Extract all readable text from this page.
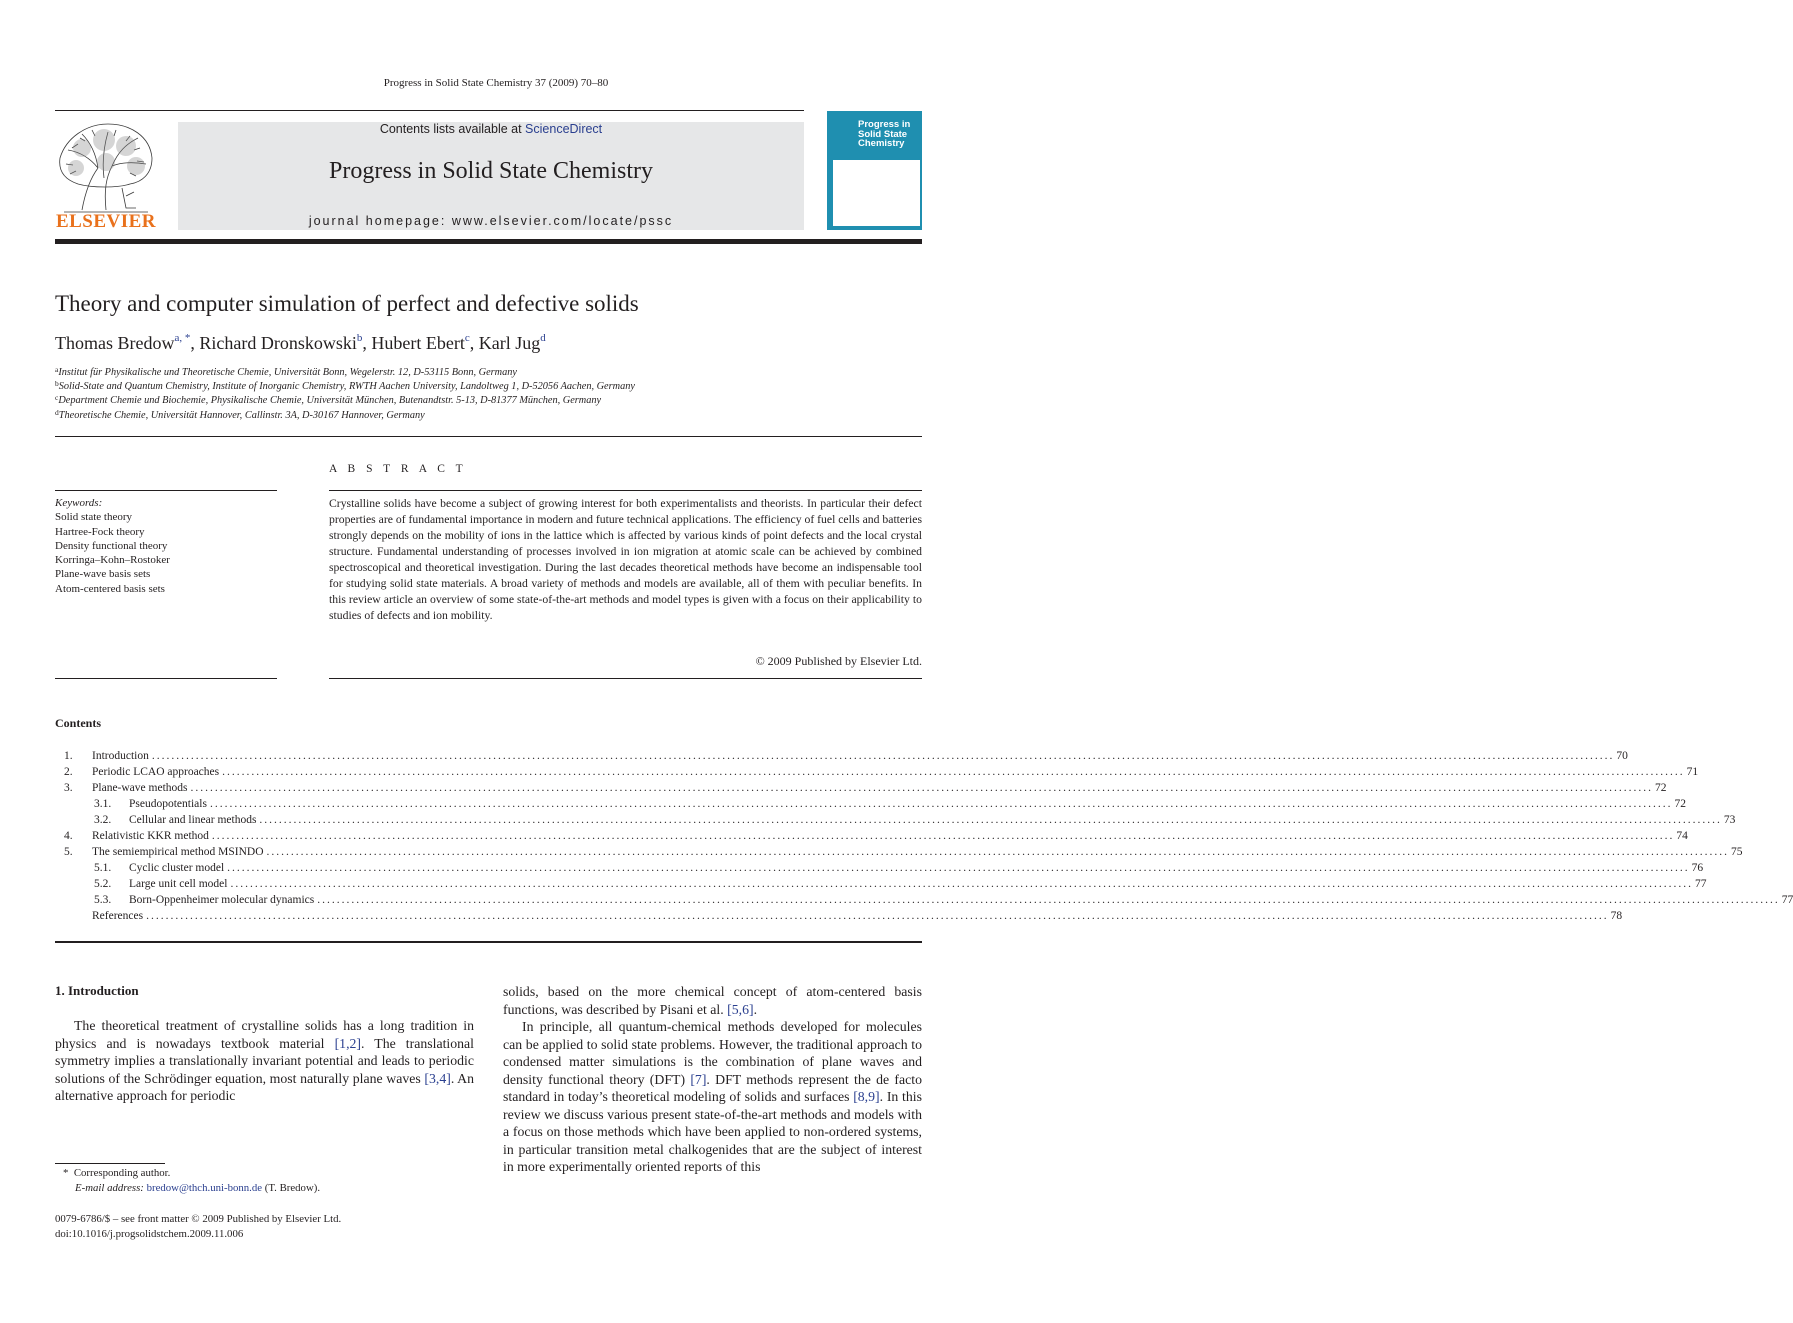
Progress in Solid State Chemistry 37 (2009) 70–80
ELSEVIER
Contents lists available at ScienceDirect
Progress in Solid State Chemistry
journal homepage: www.elsevier.com/locate/pssc
Progress in
Solid State
Chemistry
Theory and computer simulation of perfect and defective solids
Thomas Bredow$^{a, *}$, Richard Dronskowski$^b$, Hubert Ebert$^c$, Karl Jug$^d$
$^a$Institut für Physikalische und Theoretische Chemie, Universität Bonn, Wegelerstr. 12, D-53115 Bonn, Germany
$^b$Solid-State and Quantum Chemistry, Institute of Inorganic Chemistry, RWTH Aachen University, Landoltweg 1, D-52056 Aachen, Germany
$^c$Department Chemie und Biochemie, Physikalische Chemie, Universität München, Butenandtstr. 5-13, D-81377 München, Germany
$^d$Theoretische Chemie, Universität Hannover, Callinstr. 3A, D-30167 Hannover, Germany
A B S T R A C T
Keywords:
Solid state theory
Hartree-Fock theory
Density functional theory
Korringa–Kohn–Rostoker
Plane-wave basis sets
Atom-centered basis sets
Crystalline solids have become a subject of growing interest for both experimentalists and theorists. In particular their defect properties are of fundamental importance in modern and future technical applications. The efficiency of fuel cells and batteries strongly depends on the mobility of ions in the lattice which is affected by various kinds of point defects and the local crystal structure. Fundamental understanding of processes involved in ion migration at atomic scale can be achieved by combined spectroscopical and theoretical investigation. During the last decades theoretical methods have become an indispensable tool for studying solid state materials. A broad variety of methods and models are available, all of them with peculiar benefits. In this review article an overview of some state-of-the-art methods and model types is given with a focus on their applicability to studies of defects and ion mobility.
© 2009 Published by Elsevier Ltd.
Contents
1. Introduction ............................................................................................................................................................................................................................................................................................................ 70
2. Periodic LCAO approaches ............................................................................................................................................................................................................................................................................................................ 71
3. Plane-wave methods ............................................................................................................................................................................................................................................................................................................ 72
3.1. Pseudopotentials ............................................................................................................................................................................................................................................................................................................ 72
3.2. Cellular and linear methods ............................................................................................................................................................................................................................................................................................................ 73
4. Relativistic KKR method ............................................................................................................................................................................................................................................................................................................ 74
5. The semiempirical method MSINDO ............................................................................................................................................................................................................................................................................................................ 75
5.1. Cyclic cluster model ............................................................................................................................................................................................................................................................................................................ 76
5.2. Large unit cell model ............................................................................................................................................................................................................................................................................................................ 77
5.3. Born-Oppenheimer molecular dynamics ............................................................................................................................................................................................................................................................................................................ 77
References ............................................................................................................................................................................................................................................................................................................ 78
1. Introduction

The theoretical treatment of crystalline solids has a long tradition in physics and is nowadays textbook material [1,2]. The translational symmetry implies a translationally invariant potential and leads to periodic solutions of the Schrödinger equation, most naturally plane waves [3,4]. An alternative approach for periodic

solids, based on the more chemical concept of atom-centered basis functions, was described by Pisani et al. [5,6].

In principle, all quantum-chemical methods developed for molecules can be applied to solid state problems. However, the traditional approach to condensed matter simulations is the combination of plane waves and density functional theory (DFT) [7]. DFT methods represent the de facto standard in today’s theoretical modeling of solids and surfaces [8,9]. In this review we discuss various present state-of-the-art methods and models with a focus on those methods which have been applied to non-ordered systems, in particular transition metal chalkogenides that are the subject of interest in more experimentally oriented reports of this

* Corresponding author.
E-mail address: bredow@thch.uni-bonn.de (T. Bredow).
0079-6786/$ – see front matter © 2009 Published by Elsevier Ltd.
doi:10.1016/j.progsolidstchem.2009.11.006
